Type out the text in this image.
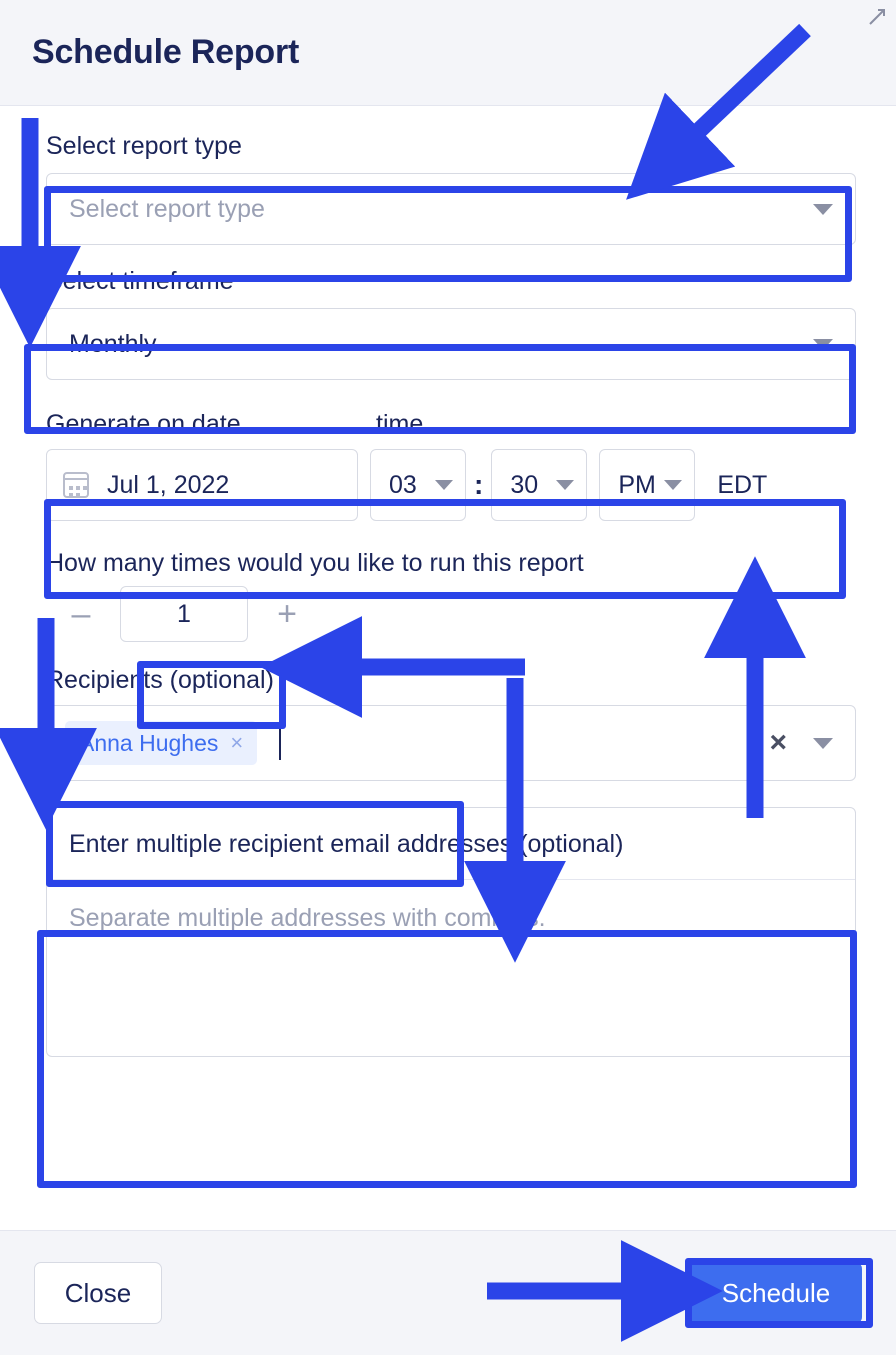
Schedule Report
Select report type
Select report type
Select timeframe
Monthly
Generate on date	time
Jul 1, 2022	03 :	30	PM	EDT
How many times would you like to run this report
–	1	+
Recipients (optional)
Anna Hughes ×	×
Enter multiple recipient email addresses (optional)
Separate multiple addresses with commas.
Close	Schedule
